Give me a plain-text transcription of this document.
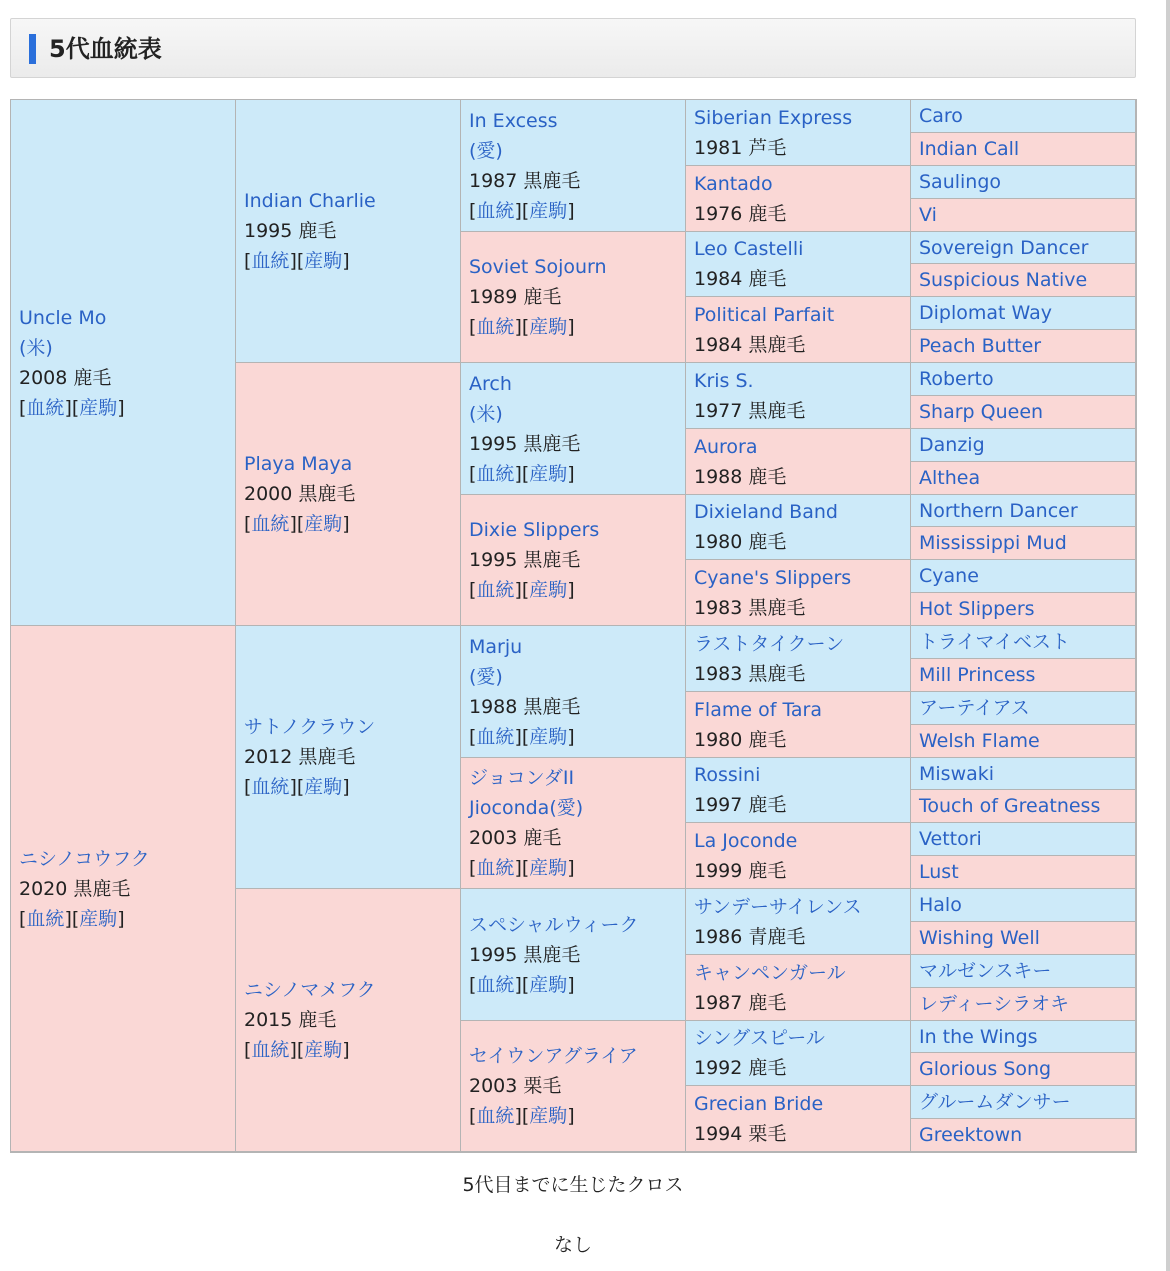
5代血統表
Uncle Mo
(米)
2008 鹿毛
[血統][産駒]
ニシノコウフク
2020 黒鹿毛
[血統][産駒]
Indian Charlie
1995 鹿毛
[血統][産駒]
Playa Maya
2000 黒鹿毛
[血統][産駒]
サトノクラウン
2012 黒鹿毛
[血統][産駒]
ニシノマメフク
2015 鹿毛
[血統][産駒]
In Excess
(愛)
1987 黒鹿毛
[血統][産駒]
Soviet Sojourn
1989 鹿毛
[血統][産駒]
Arch
(米)
1995 黒鹿毛
[血統][産駒]
Dixie Slippers
1995 黒鹿毛
[血統][産駒]
Marju
(愛)
1988 黒鹿毛
[血統][産駒]
ジョコンダII
Jioconda(愛)
2003 鹿毛
[血統][産駒]
スペシャルウィーク
1995 黒鹿毛
[血統][産駒]
セイウンアグライア
2003 栗毛
[血統][産駒]
Siberian Express
1981 芦毛
Kantado
1976 鹿毛
Leo Castelli
1984 鹿毛
Political Parfait
1984 黒鹿毛
Kris S.
1977 黒鹿毛
Aurora
1988 鹿毛
Dixieland Band
1980 鹿毛
Cyane's Slippers
1983 黒鹿毛
ラストタイクーン
1983 黒鹿毛
Flame of Tara
1980 鹿毛
Rossini
1997 鹿毛
La Joconde
1999 鹿毛
サンデーサイレンス
1986 青鹿毛
キャンペンガール
1987 鹿毛
シングスピール
1992 鹿毛
Grecian Bride
1994 栗毛
Caro
Indian Call
Saulingo
Vi
Sovereign Dancer
Suspicious Native
Diplomat Way
Peach Butter
Roberto
Sharp Queen
Danzig
Althea
Northern Dancer
Mississippi Mud
Cyane
Hot Slippers
トライマイベスト
Mill Princess
アーテイアス
Welsh Flame
Miswaki
Touch of Greatness
Vettori
Lust
Halo
Wishing Well
マルゼンスキー
レディーシラオキ
In the Wings
Glorious Song
グルームダンサー
Greektown
5代目までに生じたクロス
なし
